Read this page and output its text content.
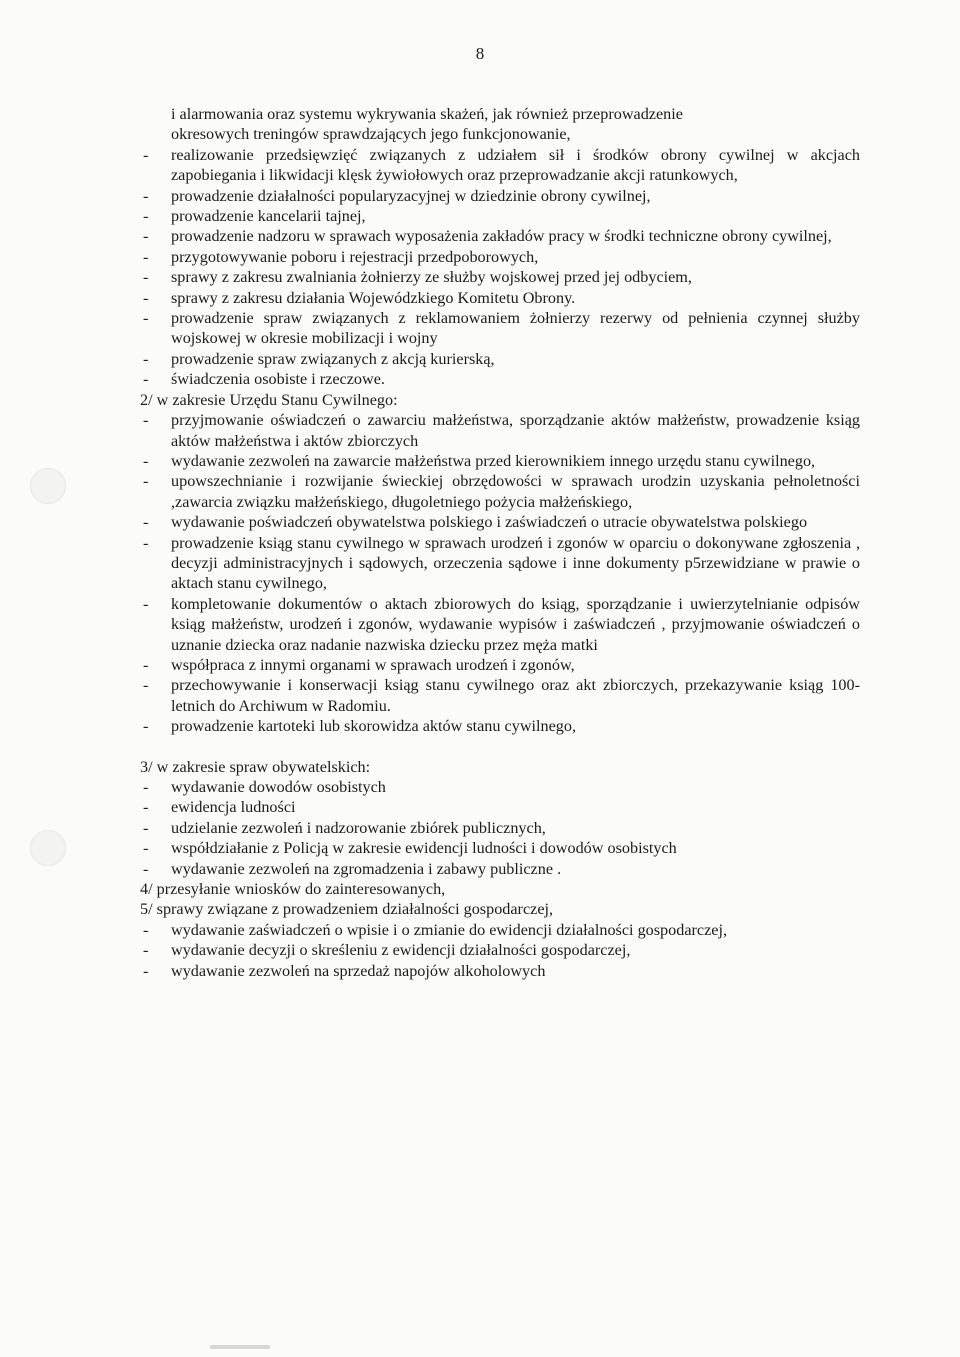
8
i alarmowania oraz systemu wykrywania skażeń, jak również przeprowadzenie
okresowych treningów sprawdzających jego funkcjonowanie,
- realizowanie przedsięwzięć związanych z udziałem sił i środków obrony cywilnej w akcjach zapobiegania i likwidacji klęsk żywiołowych oraz przeprowadzanie akcji ratunkowych,
- prowadzenie działalności popularyzacyjnej w dziedzinie obrony cywilnej,
- prowadzenie kancelarii tajnej,
- prowadzenie nadzoru w sprawach wyposażenia zakładów pracy w środki techniczne obrony cywilnej,
- przygotowywanie poboru i rejestracji przedpoborowych,
- sprawy z zakresu zwalniania żołnierzy ze służby wojskowej przed jej odbyciem,
- sprawy z zakresu działania Wojewódzkiego Komitetu Obrony.
- prowadzenie spraw związanych z reklamowaniem żołnierzy rezerwy od pełnienia czynnej służby wojskowej w okresie mobilizacji i wojny
- prowadzenie spraw związanych z akcją kurierską,
- świadczenia osobiste i rzeczowe.
2/ w zakresie Urzędu Stanu Cywilnego:
- przyjmowanie oświadczeń o zawarciu małżeństwa, sporządzanie aktów małżeństw, prowadzenie ksiąg aktów małżeństwa i aktów zbiorczych
- wydawanie zezwoleń na zawarcie małżeństwa przed kierownikiem innego urzędu stanu cywilnego,
- upowszechnianie i rozwijanie świeckiej obrzędowości w sprawach urodzin uzyskania pełnoletności ,zawarcia związku małżeńskiego, długoletniego pożycia małżeńskiego,
- wydawanie poświadczeń obywatelstwa polskiego i zaświadczeń o utracie obywatelstwa polskiego
- prowadzenie ksiąg stanu cywilnego w sprawach urodzeń i zgonów w oparciu o dokonywane zgłoszenia , decyzji administracyjnych i sądowych, orzeczenia sądowe i inne dokumenty p5rzewidziane w prawie o aktach stanu cywilnego,
- kompletowanie dokumentów o aktach zbiorowych do ksiąg, sporządzanie i uwierzytelnianie odpisów ksiąg małżeństw, urodzeń i zgonów, wydawanie wypisów i zaświadczeń , przyjmowanie oświadczeń o uznanie dziecka oraz nadanie nazwiska dziecku przez męża matki
- współpraca z innymi organami w sprawach urodzeń i zgonów,
- przechowywanie i konserwacji ksiąg stanu cywilnego oraz akt zbiorczych, przekazywanie ksiąg 100-letnich do Archiwum w Radomiu.
- prowadzenie kartoteki lub skorowidza aktów stanu cywilnego,
3/ w zakresie spraw obywatelskich:
- wydawanie dowodów osobistych
- ewidencja ludności
- udzielanie zezwoleń i nadzorowanie zbiórek publicznych,
- współdziałanie z Policją w zakresie ewidencji ludności i dowodów osobistych
- wydawanie zezwoleń na zgromadzenia i zabawy publiczne .
4/ przesyłanie wniosków do zainteresowanych,
5/ sprawy związane z prowadzeniem działalności gospodarczej,
- wydawanie zaświadczeń o wpisie i o zmianie do ewidencji działalności gospodarczej,
- wydawanie decyzji o skreśleniu z ewidencji działalności gospodarczej,
- wydawanie zezwoleń na sprzedaż napojów alkoholowych
